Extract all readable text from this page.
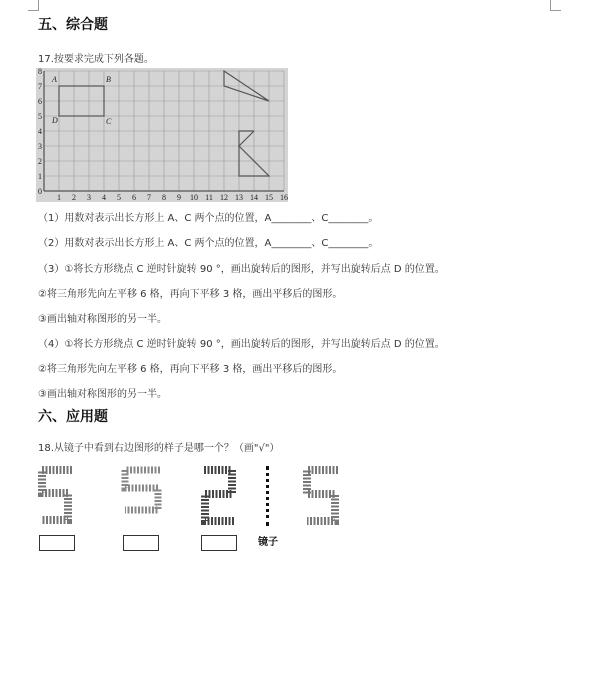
五、综合题
17.按要求完成下列各题。
1 2 3 4 5 6 7 8 9 10 11 12 13 14 15 16
1
2
3
4
5
6
7
8
0
A	B
D	C
（1）用数对表示出长方形上 A、C 两个点的位置，A________、C________。
（2）用数对表示出长方形上 A、C 两个点的位置，A________、C________。
（3）①将长方形绕点 C 逆时针旋转 90 °，画出旋转后的图形，并写出旋转后点 D 的位置。
②将三角形先向左平移 6 格，再向下平移 3 格，画出平移后的图形。
③画出轴对称图形的另一半。
（4）①将长方形绕点 C 逆时针旋转 90 °，画出旋转后的图形，并写出旋转后点 D 的位置。
②将三角形先向左平移 6 格，再向下平移 3 格，画出平移后的图形。
③画出轴对称图形的另一半。
六、应用题
18.从镜子中看到右边图形的样子是哪一个？（画"√"）
镜子
